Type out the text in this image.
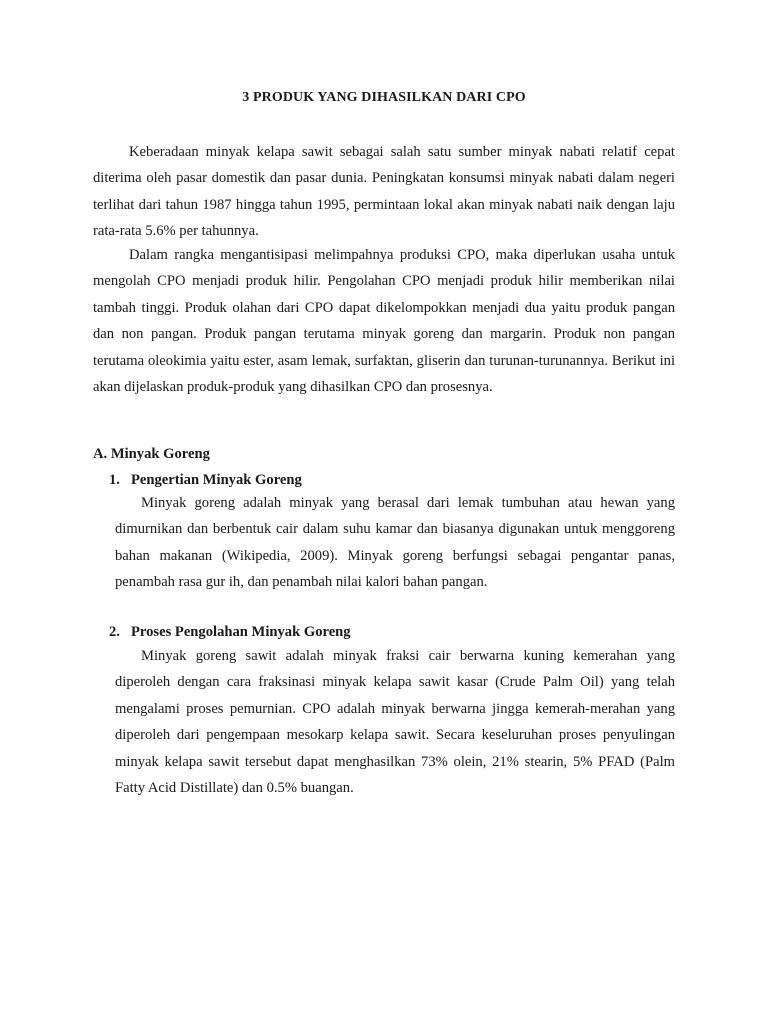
3 PRODUK YANG DIHASILKAN DARI CPO

Keberadaan minyak kelapa sawit sebagai salah satu sumber minyak nabati relatif cepat diterima oleh pasar domestik dan pasar dunia. Peningkatan konsumsi minyak nabati dalam negeri terlihat dari tahun 1987 hingga tahun 1995, permintaan lokal akan minyak nabati naik dengan laju rata-rata 5.6% per tahunnya.

Dalam rangka mengantisipasi melimpahnya produksi CPO, maka diperlukan usaha untuk mengolah CPO menjadi produk hilir. Pengolahan CPO menjadi produk hilir memberikan nilai tambah tinggi. Produk olahan dari CPO dapat dikelompokkan menjadi dua yaitu produk pangan dan non pangan. Produk pangan terutama minyak goreng dan margarin. Produk non pangan terutama oleokimia yaitu ester, asam lemak, surfaktan, gliserin dan turunan-turunannya. Berikut ini akan dijelaskan produk-produk yang dihasilkan CPO dan prosesnya.

A. Minyak Goreng
1. Pengertian Minyak Goreng

Minyak goreng adalah minyak yang berasal dari lemak tumbuhan atau hewan yang dimurnikan dan berbentuk cair dalam suhu kamar dan biasanya digunakan untuk menggoreng bahan makanan (Wikipedia, 2009). Minyak goreng berfungsi sebagai pengantar panas, penambah rasa gur ih, dan penambah nilai kalori bahan pangan.

2. Proses Pengolahan Minyak Goreng

Minyak goreng sawit adalah minyak fraksi cair berwarna kuning kemerahan yang diperoleh dengan cara fraksinasi minyak kelapa sawit kasar (Crude Palm Oil) yang telah mengalami proses pemurnian. CPO adalah minyak berwarna jingga kemerah-merahan yang diperoleh dari pengempaan mesokarp kelapa sawit. Secara keseluruhan proses penyulingan minyak kelapa sawit tersebut dapat menghasilkan 73% olein, 21% stearin, 5% PFAD (Palm Fatty Acid Distillate) dan 0.5% buangan.
